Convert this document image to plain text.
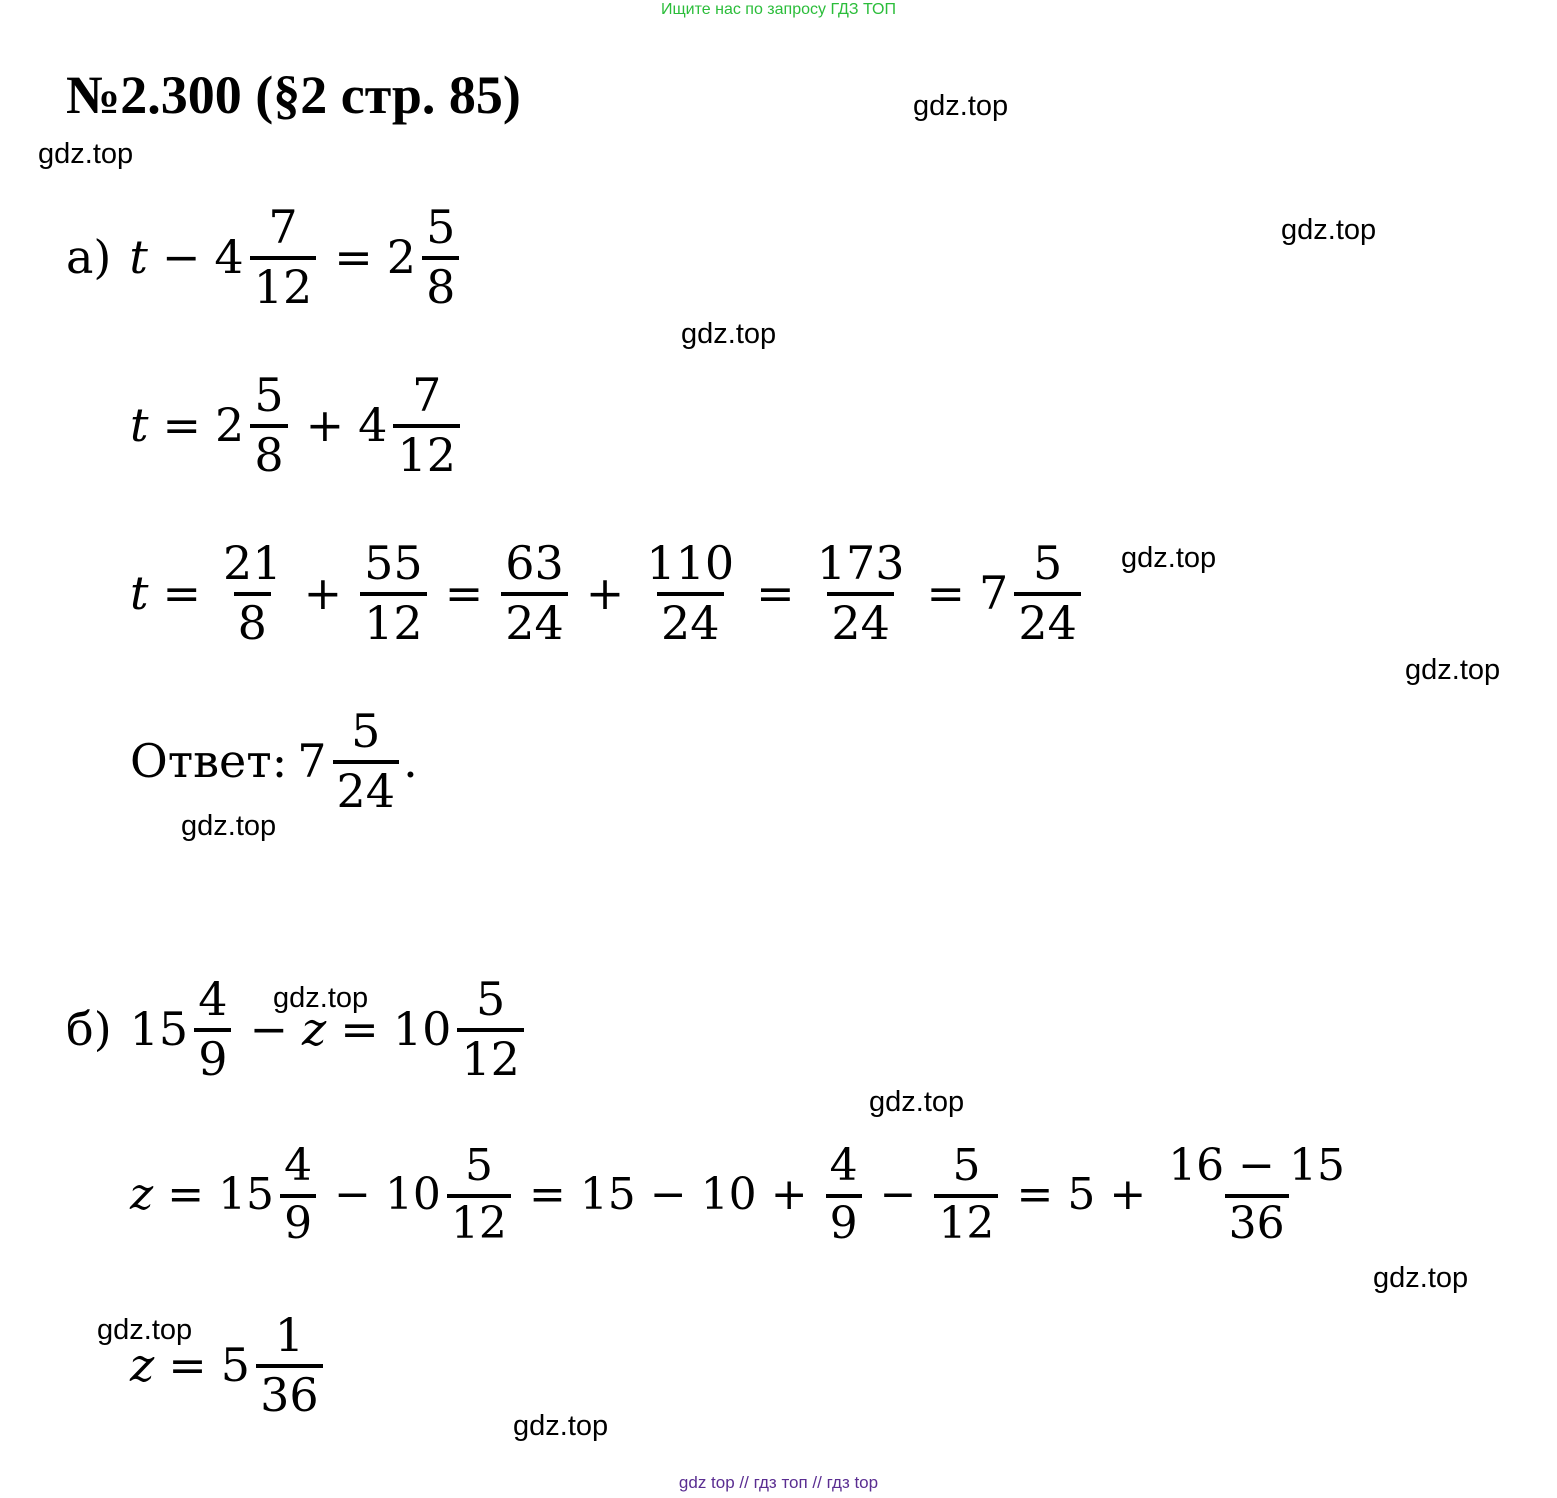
Ищите нас по запросу ГДЗ ТОП
№2.300 (§2 стр. 85)	gdz.top
gdz.top
gdz.top
gdz.top
gdz.top
gdz.top
gdz.top
gdz.top
gdz.top
gdz.top
gdz.top
gdz.top
а) $t - 4 \frac{7}{12} = 2 \frac{5}{8}$
$t = 2 \frac{5}{8} + 4 \frac{7}{12}$
$t = \frac{21}{8} + \frac{55}{12} = \frac{63}{24} + \frac{110}{24} = \frac{173}{24} = 7 \frac{5}{24}$
Ответ: $7 \frac{5}{24}$ .
б) $15 \frac{4}{9} - z = 10 \frac{5}{12}$
$z = 15 \frac{4}{9} - 10 \frac{5}{12} = 15 - 10 + \frac{4}{9} - \frac{5}{12} = 5 + \frac{16 - 15}{36}$
$z = 5 \frac{1}{36}$
gdz top // гдз топ // гдз top
